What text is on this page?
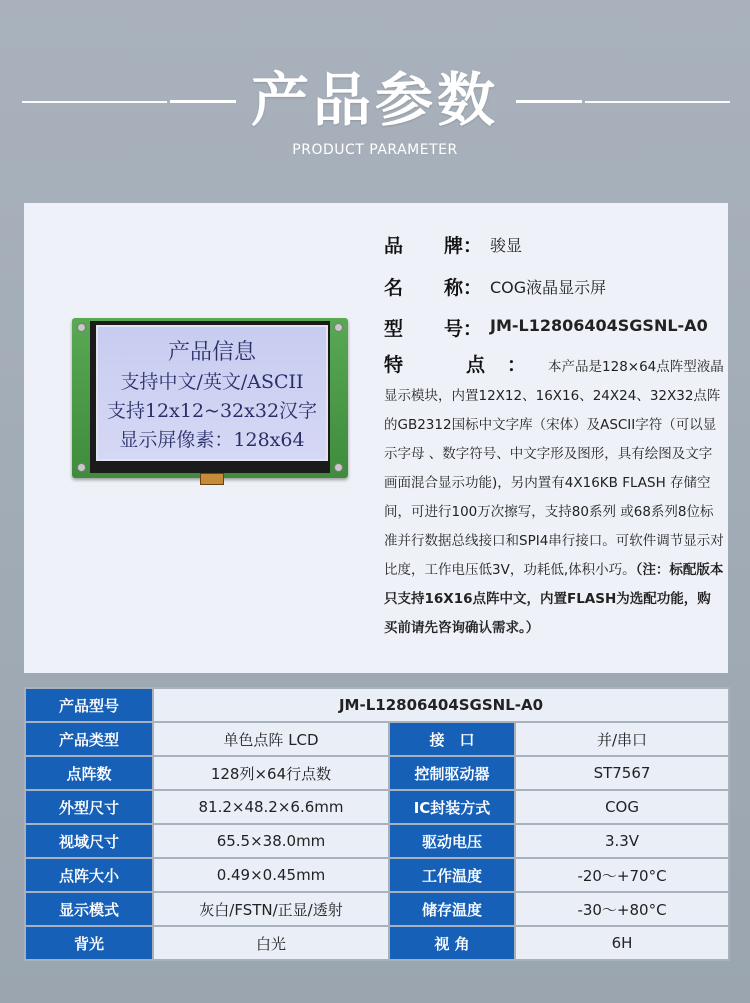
产品参数
PRODUCT PARAMETER
产品信息
支持中文/英文/ASCII
支持12x12~32x32汉字
显示屏像素：128x64
品 牌： 骏显
名 称： COG液晶显示屏
型 号： JM-L12806404SGSNL-A0
特　点：本产品是128×64点阵型液晶显示模块，内置12X12、16X16、24X24、32X32点阵的GB2312国标中文字库（宋体）及ASCII字符（可以显示字母 、数字符号、中文字形及图形，具有绘图及文字画面混合显示功能)，另内置有4X16KB FLASH 存储空间，可进行100万次擦写，支持80系列 或68系列8位标准并行数据总线接口和SPI4串行接口。可软件调节显示对比度，工作电压低3V，功耗低,体积小巧。（注：标配版本只支持16X16点阵中文，内置FLASH为选配功能，购买前请先咨询确认需求。）
产品型号	JM-L12806404SGSNL-A0		
产品类型	单色点阵 LCD	接　口	并/串口
点阵数	128列×64行点数	控制驱动器	ST7567
外型尺寸	81.2×48.2×6.6mm	IC封装方式	COG
视域尺寸	65.5×38.0mm	驱动电压	3.3V
点阵大小	0.49×0.45mm	工作温度	-20～+70°C
显示模式	灰白/FSTN/正显/透射	储存温度	-30～+80°C
背光	白光	视 角	6H
